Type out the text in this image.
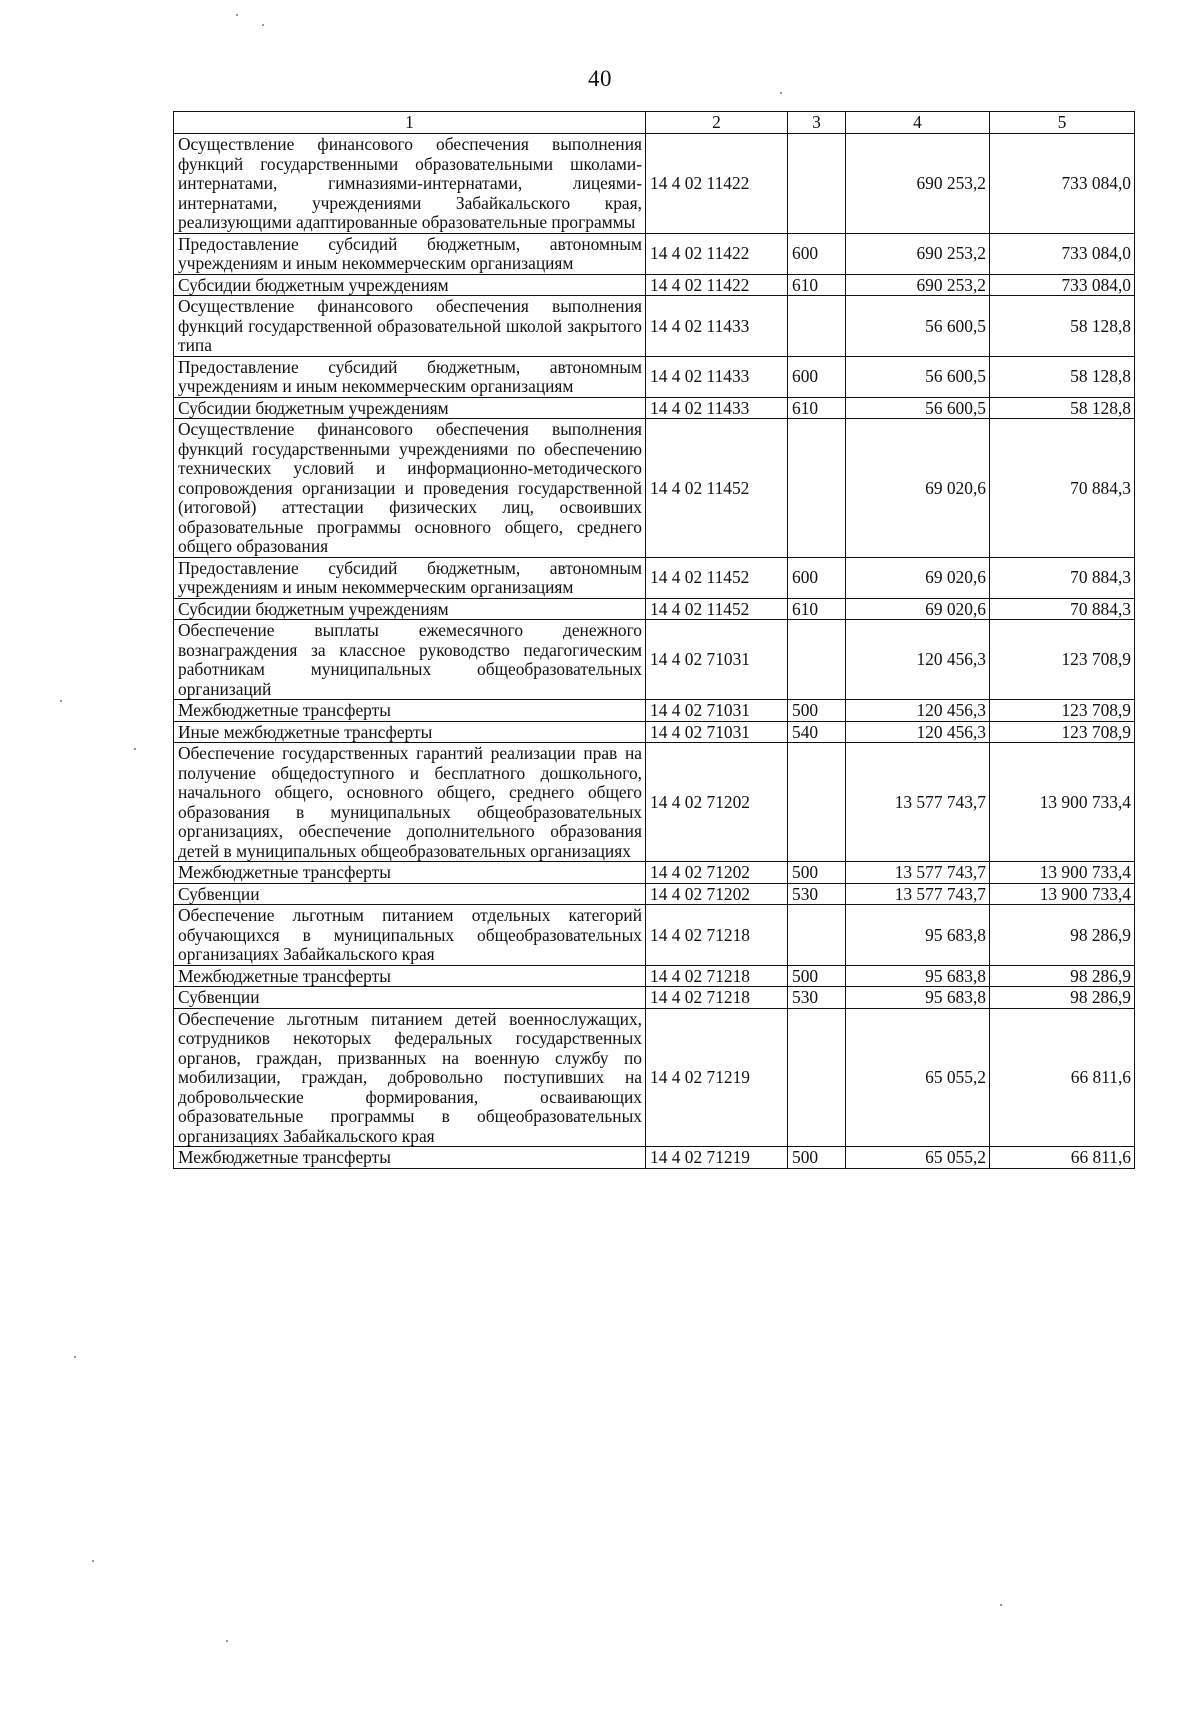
40
1	2	3	4	5
Осуществление финансового обеспечения выполнения функций государственными образовательными школами-интернатами, гимназиями-интернатами, лицеями-интернатами, учреждениями Забайкальского края, реализующими адаптированные образовательные программы	14 4 02 11422		690 253,2	733 084,0
Предоставление субсидий бюджетным, автономным учреждениям и иным некоммерческим организациям	14 4 02 11422	600	690 253,2	733 084,0
Субсидии бюджетным учреждениям	14 4 02 11422	610	690 253,2	733 084,0
Осуществление финансового обеспечения выполнения функций государственной образовательной школой закрытого типа	14 4 02 11433		56 600,5	58 128,8
Предоставление субсидий бюджетным, автономным учреждениям и иным некоммерческим организациям	14 4 02 11433	600	56 600,5	58 128,8
Субсидии бюджетным учреждениям	14 4 02 11433	610	56 600,5	58 128,8
Осуществление финансового обеспечения выполнения функций государственными учреждениями по обеспечению технических условий и информационно-методического сопровождения организации и проведения государственной (итоговой) аттестации физических лиц, освоивших образовательные программы основного общего, среднего общего образования	14 4 02 11452		69 020,6	70 884,3
Предоставление субсидий бюджетным, автономным учреждениям и иным некоммерческим организациям	14 4 02 11452	600	69 020,6	70 884,3
Субсидии бюджетным учреждениям	14 4 02 11452	610	69 020,6	70 884,3
Обеспечение выплаты ежемесячного денежного вознаграждения за классное руководство педагогическим работникам муниципальных общеобразовательных организаций	14 4 02 71031		120 456,3	123 708,9
Межбюджетные трансферты	14 4 02 71031	500	120 456,3	123 708,9
Иные межбюджетные трансферты	14 4 02 71031	540	120 456,3	123 708,9
Обеспечение государственных гарантий реализации прав на получение общедоступного и бесплатного дошкольного, начального общего, основного общего, среднего общего образования в муниципальных общеобразовательных организациях, обеспечение дополнительного образования детей в муниципальных общеобразовательных организациях	14 4 02 71202		13 577 743,7	13 900 733,4
Межбюджетные трансферты	14 4 02 71202	500	13 577 743,7	13 900 733,4
Субвенции	14 4 02 71202	530	13 577 743,7	13 900 733,4
Обеспечение льготным питанием отдельных категорий обучающихся в муниципальных общеобразовательных организациях Забайкальского края	14 4 02 71218		95 683,8	98 286,9
Межбюджетные трансферты	14 4 02 71218	500	95 683,8	98 286,9
Субвенции	14 4 02 71218	530	95 683,8	98 286,9
Обеспечение льготным питанием детей военнослужащих, сотрудников некоторых федеральных государственных органов, граждан, призванных на военную службу по мобилизации, граждан, добровольно поступивших на добровольческие формирования, осваивающих образовательные программы в общеобразовательных организациях Забайкальского края	14 4 02 71219		65 055,2	66 811,6
Межбюджетные трансферты	14 4 02 71219	500	65 055,2	66 811,6
